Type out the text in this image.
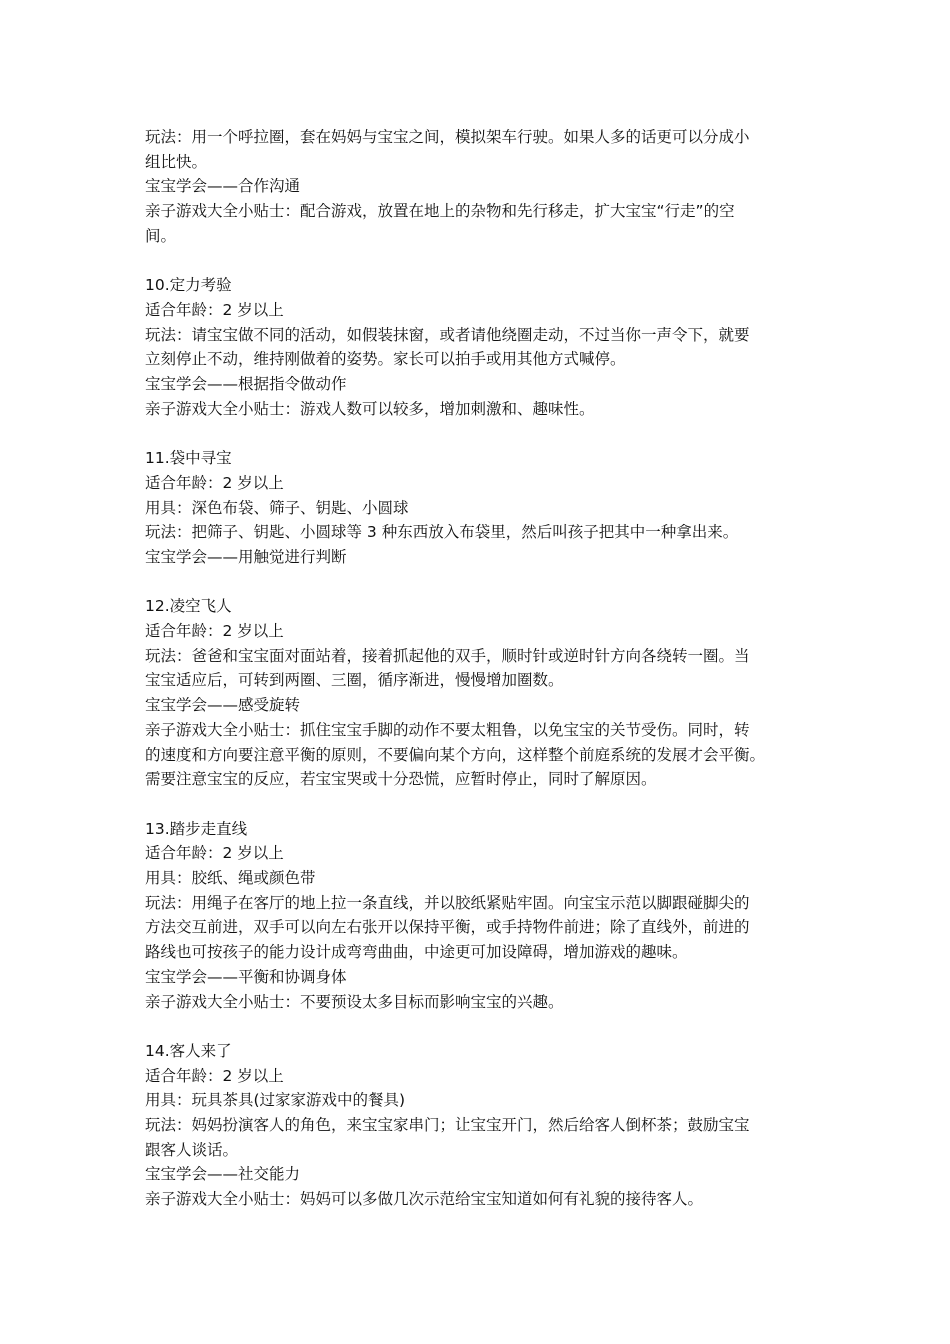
玩法：用一个呼拉圈，套在妈妈与宝宝之间，模拟架车行驶。如果人多的话更可以分成小

组比快。

宝宝学会——合作沟通

亲子游戏大全小贴士：配合游戏，放置在地上的杂物和先行移走，扩大宝宝“行走”的空

间。

10.定力考验

适合年龄：2 岁以上

玩法：请宝宝做不同的活动，如假装抹窗，或者请他绕圈走动，不过当你一声令下，就要

立刻停止不动，维持刚做着的姿势。家长可以拍手或用其他方式喊停。

宝宝学会——根据指令做动作

亲子游戏大全小贴士：游戏人数可以较多，增加刺激和、趣味性。

11.袋中寻宝

适合年龄：2 岁以上

用具：深色布袋、筛子、钥匙、小圆球

玩法：把筛子、钥匙、小圆球等 3 种东西放入布袋里，然后叫孩子把其中一种拿出来。

宝宝学会——用触觉进行判断

12.凌空飞人

适合年龄：2 岁以上

玩法：爸爸和宝宝面对面站着，接着抓起他的双手，顺时针或逆时针方向各绕转一圈。当

宝宝适应后，可转到两圈、三圈，循序渐进，慢慢增加圈数。

宝宝学会——感受旋转

亲子游戏大全小贴士：抓住宝宝手脚的动作不要太粗鲁，以免宝宝的关节受伤。同时，转

的速度和方向要注意平衡的原则，不要偏向某个方向，这样整个前庭系统的发展才会平衡。

需要注意宝宝的反应，若宝宝哭或十分恐慌，应暂时停止，同时了解原因。

13.踏步走直线

适合年龄：2 岁以上

用具：胶纸、绳或颜色带

玩法：用绳子在客厅的地上拉一条直线，并以胶纸紧贴牢固。向宝宝示范以脚跟碰脚尖的

方法交互前进，双手可以向左右张开以保持平衡，或手持物件前进；除了直线外，前进的

路线也可按孩子的能力设计成弯弯曲曲，中途更可加设障碍，增加游戏的趣味。

宝宝学会——平衡和协调身体

亲子游戏大全小贴士：不要预设太多目标而影响宝宝的兴趣。

14.客人来了

适合年龄：2 岁以上

用具：玩具茶具(过家家游戏中的餐具)

玩法：妈妈扮演客人的角色，来宝宝家串门；让宝宝开门，然后给客人倒杯茶；鼓励宝宝

跟客人谈话。

宝宝学会——社交能力

亲子游戏大全小贴士：妈妈可以多做几次示范给宝宝知道如何有礼貌的接待客人。
